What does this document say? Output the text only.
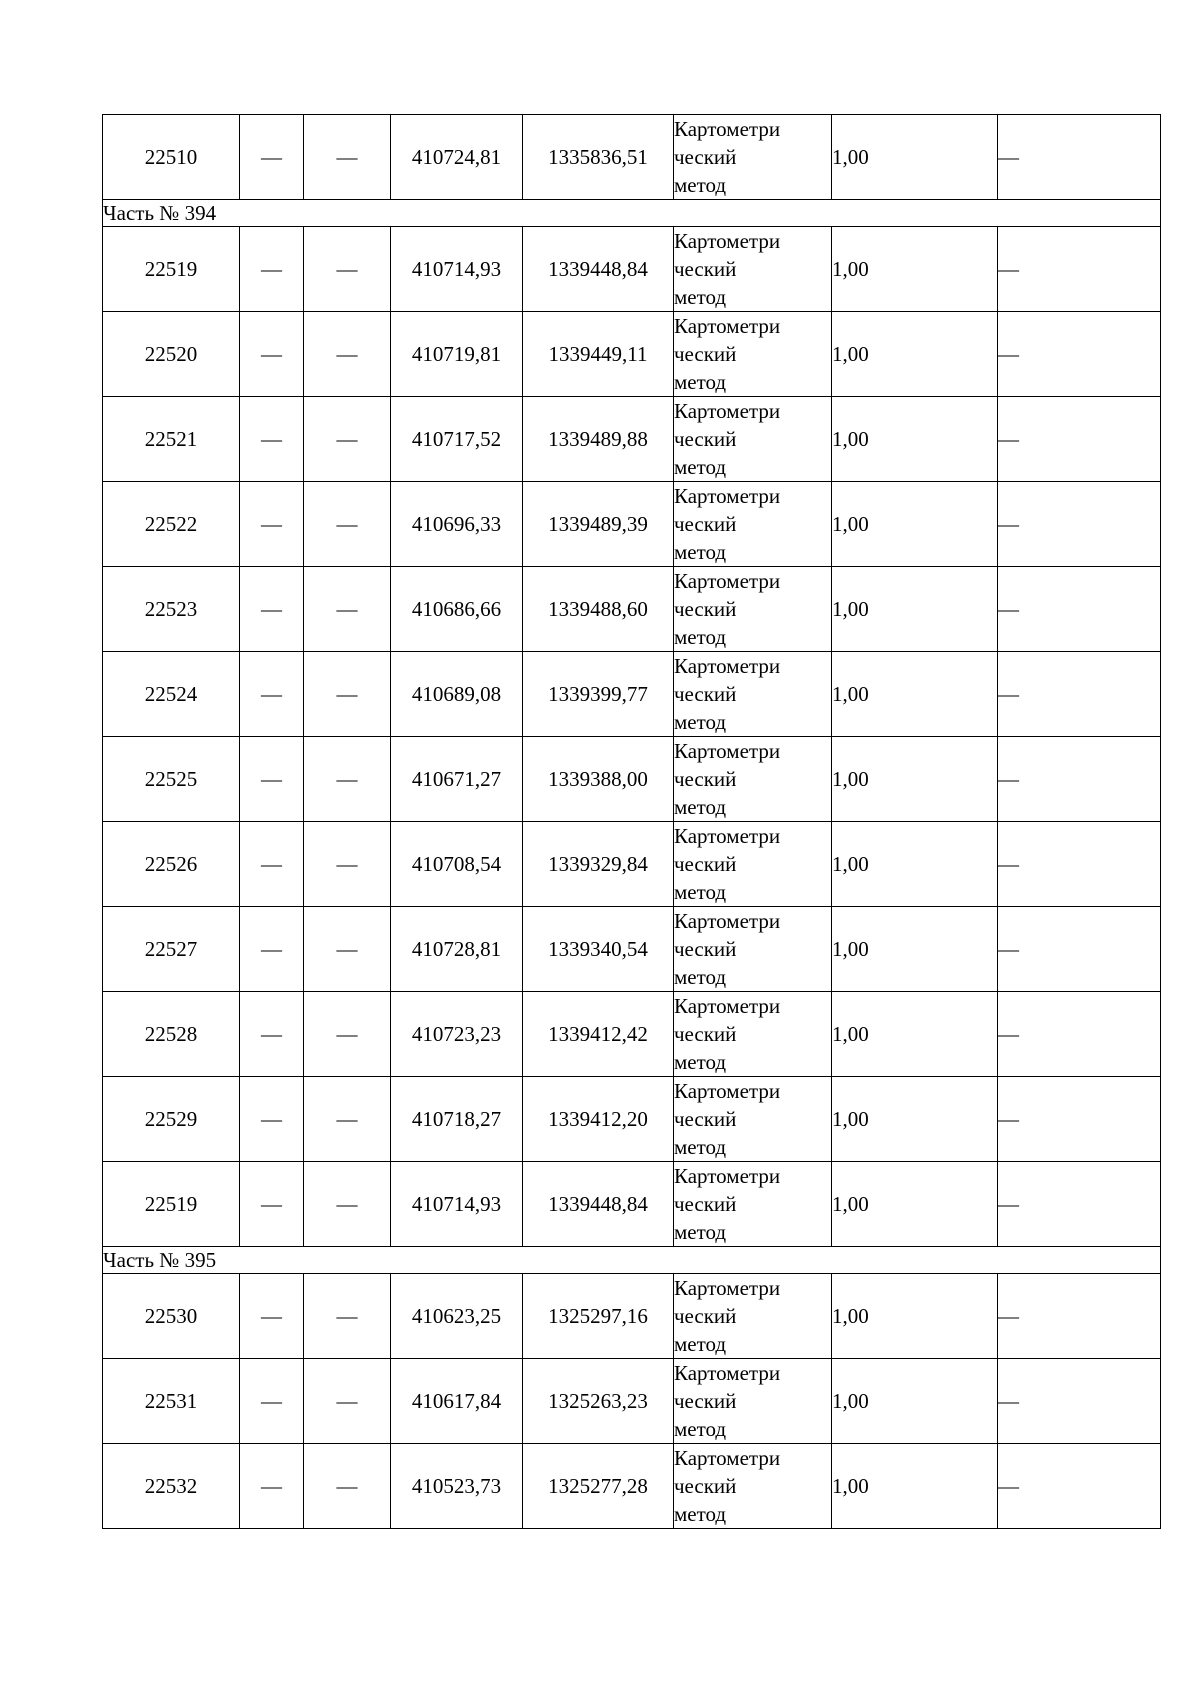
22510	—	—	410724,81	1335836,51	Картометри
ческий
метод	1,00	—
Часть № 394							
22519	—	—	410714,93	1339448,84	Картометри
ческий
метод	1,00	—
22520	—	—	410719,81	1339449,11	Картометри
ческий
метод	1,00	—
22521	—	—	410717,52	1339489,88	Картометри
ческий
метод	1,00	—
22522	—	—	410696,33	1339489,39	Картометри
ческий
метод	1,00	—
22523	—	—	410686,66	1339488,60	Картометри
ческий
метод	1,00	—
22524	—	—	410689,08	1339399,77	Картометри
ческий
метод	1,00	—
22525	—	—	410671,27	1339388,00	Картометри
ческий
метод	1,00	—
22526	—	—	410708,54	1339329,84	Картометри
ческий
метод	1,00	—
22527	—	—	410728,81	1339340,54	Картометри
ческий
метод	1,00	—
22528	—	—	410723,23	1339412,42	Картометри
ческий
метод	1,00	—
22529	—	—	410718,27	1339412,20	Картометри
ческий
метод	1,00	—
22519	—	—	410714,93	1339448,84	Картометри
ческий
метод	1,00	—
Часть № 395							
22530	—	—	410623,25	1325297,16	Картометри
ческий
метод	1,00	—
22531	—	—	410617,84	1325263,23	Картометри
ческий
метод	1,00	—
22532	—	—	410523,73	1325277,28	Картометри
ческий
метод	1,00	—
